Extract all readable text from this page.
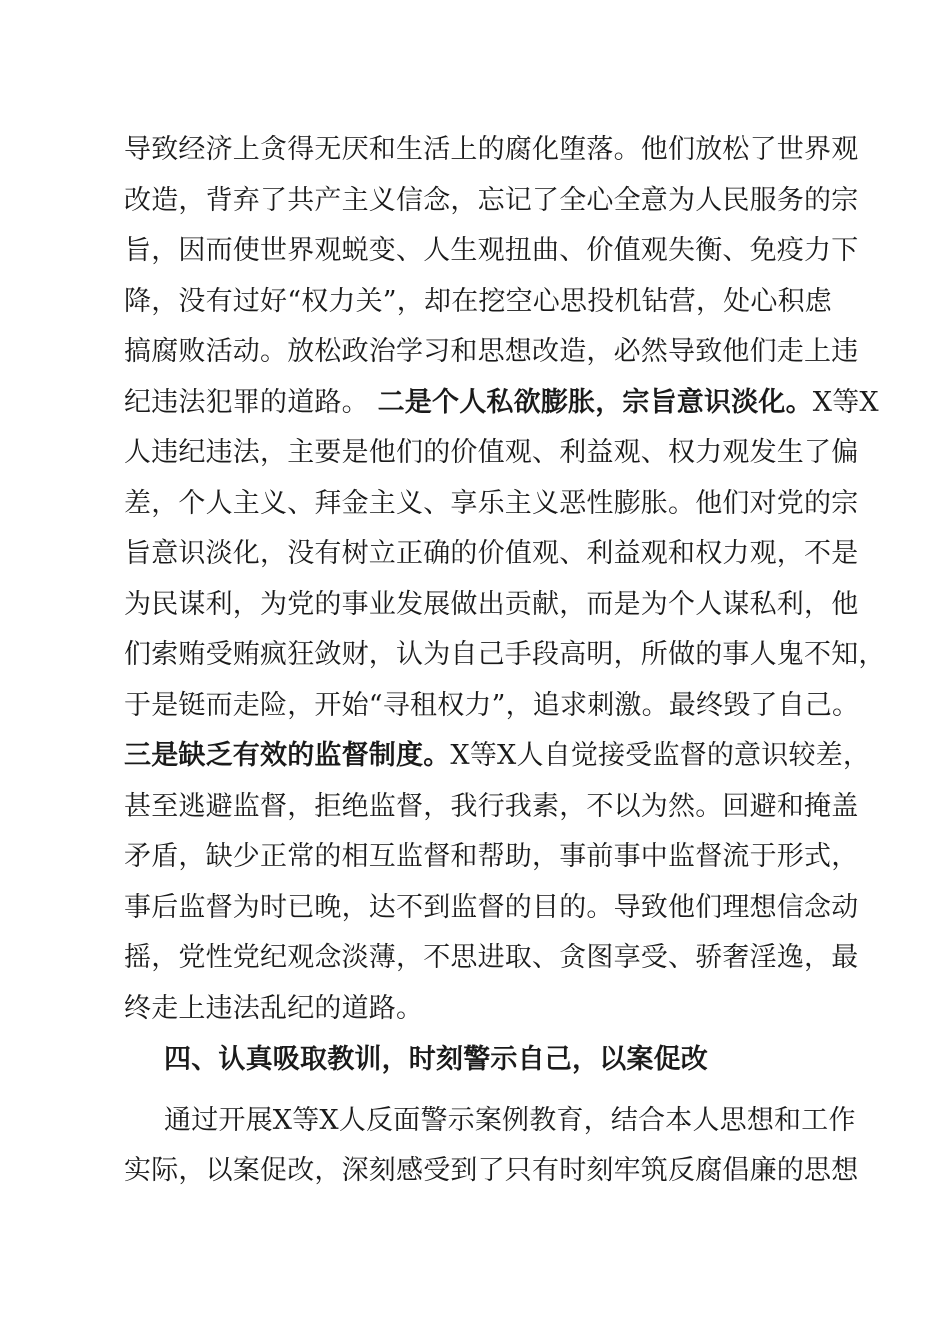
导致经济上贪得无厌和生活上的腐化堕落。他们放松了世界观
改造，背弃了共产主义信念，忘记了全心全意为人民服务的宗
旨，因而使世界观蜕变、人生观扭曲、价值观失衡、免疫力下
降，没有过好“权力关”，却在挖空心思投机钻营，处心积虑
搞腐败活动。放松政治学习和思想改造，必然导致他们走上违
纪违法犯罪的道路。 二是个人私欲膨胀，宗旨意识淡化。X等X
人违纪违法，主要是他们的价值观、利益观、权力观发生了偏
差，个人主义、拜金主义、享乐主义恶性膨胀。他们对党的宗
旨意识淡化，没有树立正确的价值观、利益观和权力观，不是
为民谋利，为党的事业发展做出贡献，而是为个人谋私利，他
们索贿受贿疯狂敛财，认为自己手段高明，所做的事人鬼不知，
于是铤而走险，开始“寻租权力”，追求刺激。最终毁了自己。
三是缺乏有效的监督制度。X等X人自觉接受监督的意识较差，
甚至逃避监督，拒绝监督，我行我素，不以为然。回避和掩盖
矛盾，缺少正常的相互监督和帮助，事前事中监督流于形式，
事后监督为时已晚，达不到监督的目的。导致他们理想信念动
摇，党性党纪观念淡薄，不思进取、贪图享受、骄奢淫逸，最
终走上违法乱纪的道路。
四、认真吸取教训，时刻警示自己，以案促改
通过开展X等X人反面警示案例教育，结合本人思想和工作
实际，以案促改，深刻感受到了只有时刻牢筑反腐倡廉的思想
